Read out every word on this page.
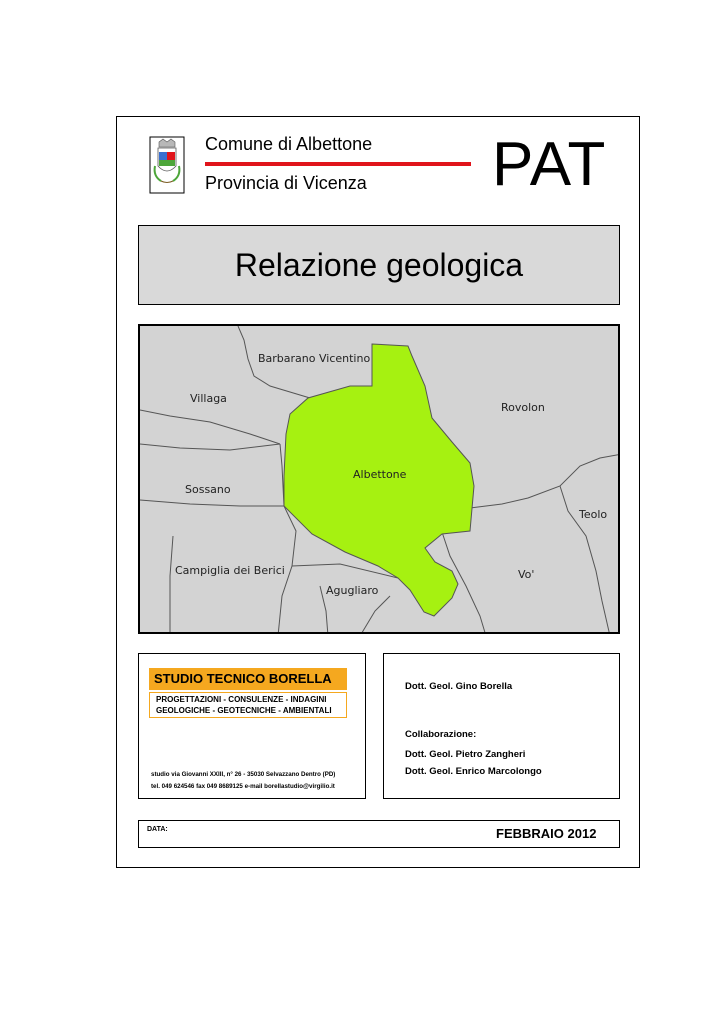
Comune di Albettone
Provincia di Vicenza PAT
Relazione geologica
Barbarano Vicentino
Villaga
Rovolon
Albettone
Sossano
Teolo
Campiglia dei Berici
Agugliaro
Vo'
STUDIO TECNICO BORELLA
PROGETTAZIONI - CONSULENZE - INDAGINI
GEOLOGICHE - GEOTECNICHE - AMBIENTALI
studio via Giovanni XXIII, n° 26 - 35030 Selvazzano Dentro (PD)
tel. 049 624546 fax 049 8689125 e-mail borellastudio@virgilio.it
Dott. Geol. Gino Borella
Collaborazione:
Dott. Geol. Pietro Zangheri
Dott. Geol. Enrico Marcolongo
DATA:	FEBBRAIO 2012
